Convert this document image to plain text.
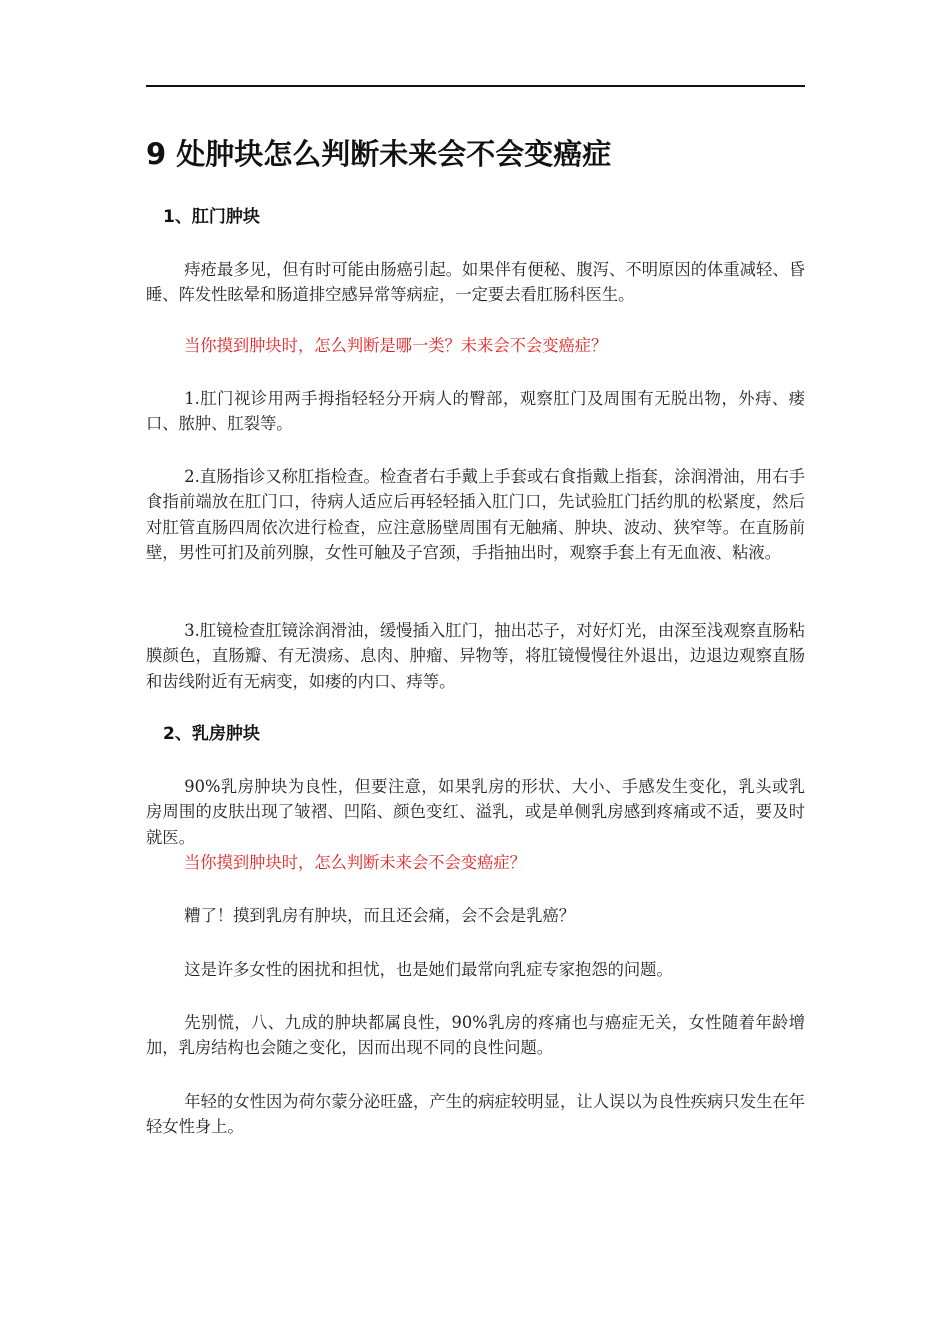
9 处肿块怎么判断未来会不会变癌症
1、肛门肿块

痔疮最多见，但有时可能由肠癌引起。如果伴有便秘、腹泻、不明原因的体重减轻、昏睡、阵发性眩晕和肠道排空感异常等病症，一定要去看肛肠科医生。

当你摸到肿块时，怎么判断是哪一类？未来会不会变癌症？

1.肛门视诊用两手拇指轻轻分开病人的臀部，观察肛门及周围有无脱出物，外痔、瘘口、脓肿、肛裂等。

2.直肠指诊又称肛指检查。检查者右手戴上手套或右食指戴上指套，涂润滑油，用右手食指前端放在肛门口，待病人适应后再轻轻插入肛门口，先试验肛门括约肌的松紧度，然后对肛管直肠四周依次进行检查，应注意肠壁周围有无触痛、肿块、波动、狭窄等。在直肠前壁，男性可扪及前列腺，女性可触及子宫颈，手指抽出时，观察手套上有无血液、粘液。

3.肛镜检查肛镜涂润滑油，缓慢插入肛门，抽出芯子，对好灯光，由深至浅观察直肠粘膜颜色，直肠瓣、有无溃疡、息肉、肿瘤、异物等，将肛镜慢慢往外退出，边退边观察直肠和齿线附近有无病变，如瘘的内口、痔等。

2、乳房肿块

90%乳房肿块为良性，但要注意，如果乳房的形状、大小、手感发生变化，乳头或乳房周围的皮肤出现了皱褶、凹陷、颜色变红、溢乳，或是单侧乳房感到疼痛或不适，要及时就医。

当你摸到肿块时，怎么判断未来会不会变癌症？

糟了！摸到乳房有肿块，而且还会痛，会不会是乳癌？

这是许多女性的困扰和担忧，也是她们最常向乳症专家抱怨的问题。

先别慌，八、九成的肿块都属良性，90%乳房的疼痛也与癌症无关，女性随着年龄增加，乳房结构也会随之变化，因而出现不同的良性问题。

年轻的女性因为荷尔蒙分泌旺盛，产生的病症较明显，让人误以为良性疾病只发生在年轻女性身上。
